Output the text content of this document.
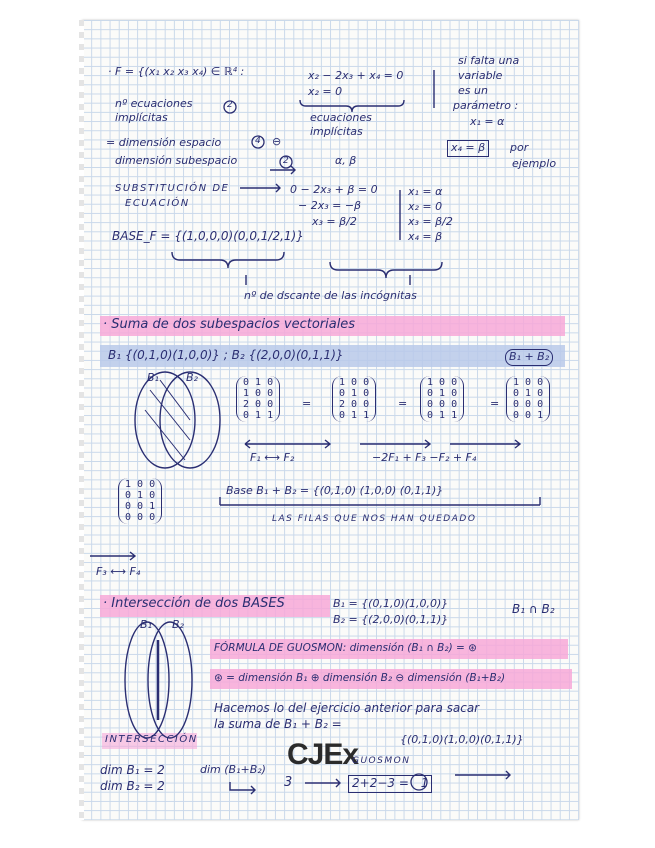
· F = {(x₁ x₂ x₃ x₄) ∈ ℝ⁴ :	x₂ − 2x₃ + x₄ = 0
x₂ = 0
si falta una
variable
es un
parámetro :
x₁ = α
nº ecuaciones
implícitas
2
ecuaciones
implícitas
= dimensión espacio	4 ⊖
dimensión subespacio	2	α, β
x₄ = β	por
ejemplo
SUBSTITUCIÓN DE
ECUACIÓN
0 − 2x₃ + β = 0
− 2x₃ = −β
x₃ = β/2
x₁ = α
x₂ = 0
x₃ = β/2
x₄ = β
BASE_F = {(1,0,0,0)(0,0,1/2,1)}
nº de dscante de las incógnitas
· Suma de dos subespacios vectoriales
B₁ {(0,1,0)(1,0,0)} ; B₂ {(2,0,0)(0,1,1)}	B₁ + B₂
B₁ B₂	0 1 0
1 0 0
2 0 0
0 1 1
=
1 0 0
0 1 0
2 0 0
0 1 1
=
1 0 0
0 1 0
0 0 0
0 1 1
=
1 0 0
0 1 0
0 0 0
0 0 1
F₁ ⟷ F₂	−2F₁ + F₃ −F₂ + F₄
1 0 0
0 1 0
0 0 1
0 0 0
Base B₁ + B₂ = {(0,1,0) (1,0,0) (0,1,1)}
LAS FILAS QUE NOS HAN QUEDADO
F₃ ⟷ F₄
· Intersección de dos BASES	B₁ = {(0,1,0)(1,0,0)}
B₂ = {(2,0,0)(0,1,1)}
B₁ ∩ B₂
B₁ B₂
FÓRMULA DE GUOSMON: dimensión (B₁ ∩ B₂) = ⊛
⊛ = dimensión B₁ ⊕ dimensión B₂ ⊖ dimensión (B₁+B₂)
Hacemos lo del ejercicio anterior para sacar
la suma de B₁ + B₂ =
{(0,1,0)(1,0,0)(0,1,1)}
INTERSECCIÓN	CJEx
GUOSMON
dim B₁ = 2
dim B₂ = 2
dim (B₁+B₂)
3	2+2−3 = 1
